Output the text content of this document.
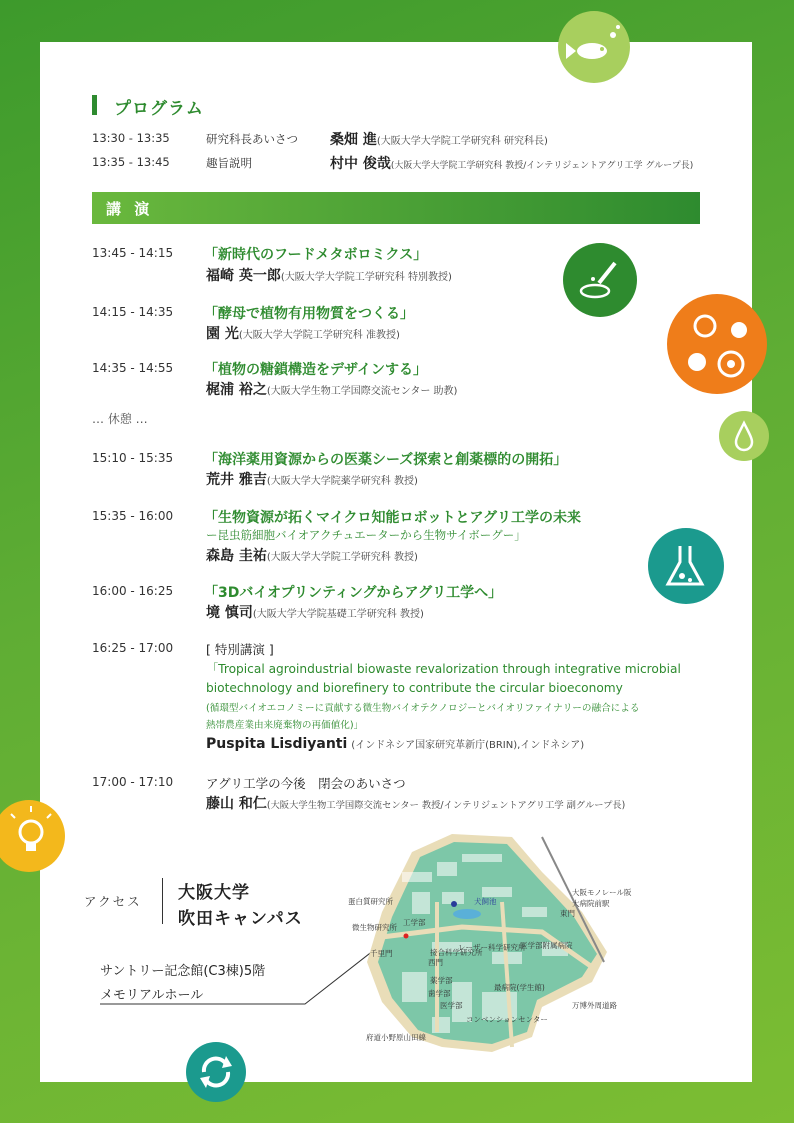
プログラム
13:30 - 13:35	研究科長あいさつ 桑畑 進(大阪大学大学院工学研究科 研究科長)
13:35 - 13:45	趣旨説明	村中 俊哉(大阪大学大学院工学研究科 教授/インテリジェントアグリ工学 グループ長)
講 演
13:45 - 14:15 「新時代のフードメタボロミクス」
福崎 英一郎(大阪大学大学院工学研究科 特別教授)
14:15 - 14:35 「酵母で植物有用物質をつくる」
園 光(大阪大学大学院工学研究科 准教授)
14:35 - 14:55 「植物の糖鎖構造をデザインする」
梶浦 裕之(大阪大学生物工学国際交流センター 助教)
… 休憩 …
15:10 - 15:35 「海洋薬用資源からの医薬シーズ探索と創薬標的の開拓」
荒井 雅吉(大阪大学大学院薬学研究科 教授)
15:35 - 16:00 「生物資源が拓くマイクロ知能ロボットとアグリ工学の未来
ー昆虫筋細胞バイオアクチュエーターから生物サイボーグー」
森島 圭祐(大阪大学大学院工学研究科 教授)
16:00 - 16:25 「3Dバイオプリンティングからアグリ工学へ」
境 慎司(大阪大学大学院基礎工学研究科 教授)
16:25 - 17:00	[ 特別講演 ]
「Tropical agroindustrial biowaste revalorization through integrative microbial
biotechnology and biorefinery to contribute the circular bioeconomy
(循環型バイオエコノミーに貢献する微生物バイオテクノロジーとバイオリファイナリーの融合による
熱帯農産業由来廃棄物の再価値化)」
Puspita Lisdiyanti (インドネシア国家研究革新庁(BRIN),インドネシア)
17:00 - 17:10	アグリ工学の今後　閉会のあいさつ
藤山 和仁(大阪大学生物工学国際交流センター 教授/インテリジェントアグリ工学 副グループ長)
アクセス 大阪大学
吹田キャンパス
サントリー記念館(C3棟)5階
メモリアルホール
蛋白質研究所
微生物研究所
工学部
千里門
犬飼池
西門
レーザー科学研究所
接合科学研究所
医学部附属病院
東門
大阪モノレール阪大病院前駅
薬学部
歯学部
医学部
コンベンションセンター
最病院(学生館)
万博外周道路
府道小野原山田線
